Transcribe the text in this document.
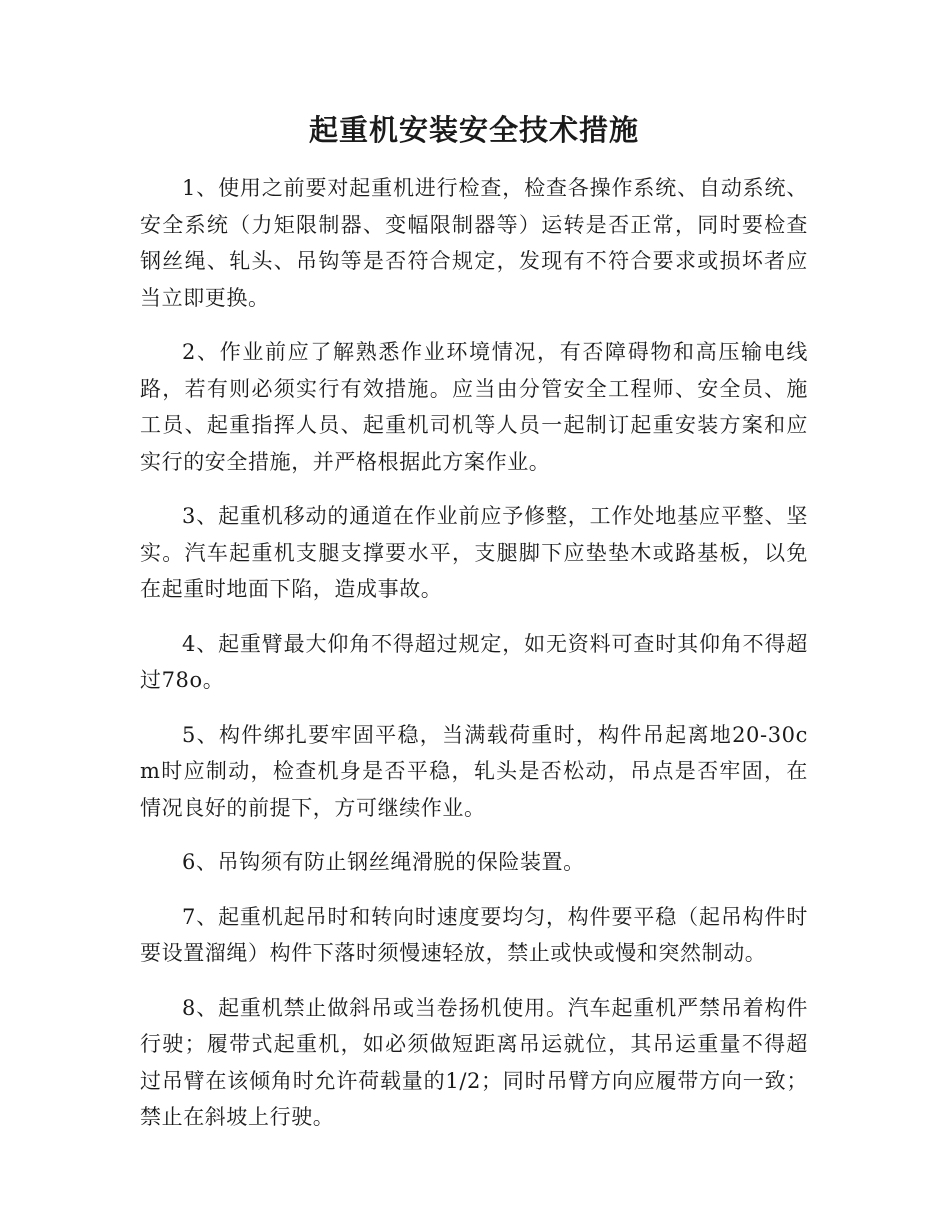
起重机安装安全技术措施

1、使用之前要对起重机进行检查，检查各操作系统、自动系统、安全系统（力矩限制器、变幅限制器等）运转是否正常，同时要检查钢丝绳、轧头、吊钩等是否符合规定，发现有不符合要求或损坏者应当立即更换。

2、作业前应了解熟悉作业环境情况，有否障碍物和高压输电线路，若有则必须实行有效措施。应当由分管安全工程师、安全员、施工员、起重指挥人员、起重机司机等人员一起制订起重安装方案和应实行的安全措施，并严格根据此方案作业。

3、起重机移动的通道在作业前应予修整，工作处地基应平整、坚实。汽车起重机支腿支撑要水平，支腿脚下应垫垫木或路基板，以免在起重时地面下陷，造成事故。

4、起重臂最大仰角不得超过规定，如无资料可查时其仰角不得超过78o。

5、构件绑扎要牢固平稳，当满载荷重时，构件吊起离地20-30cm时应制动，检查机身是否平稳，轧头是否松动，吊点是否牢固，在情况良好的前提下，方可继续作业。

6、吊钩须有防止钢丝绳滑脱的保险装置。

7、起重机起吊时和转向时速度要均匀，构件要平稳（起吊构件时要设置溜绳）构件下落时须慢速轻放，禁止或快或慢和突然制动。

8、起重机禁止做斜吊或当卷扬机使用。汽车起重机严禁吊着构件行驶；履带式起重机，如必须做短距离吊运就位，其吊运重量不得超过吊臂在该倾角时允许荷载量的1/2；同时吊臂方向应履带方向一致；禁止在斜坡上行驶。
